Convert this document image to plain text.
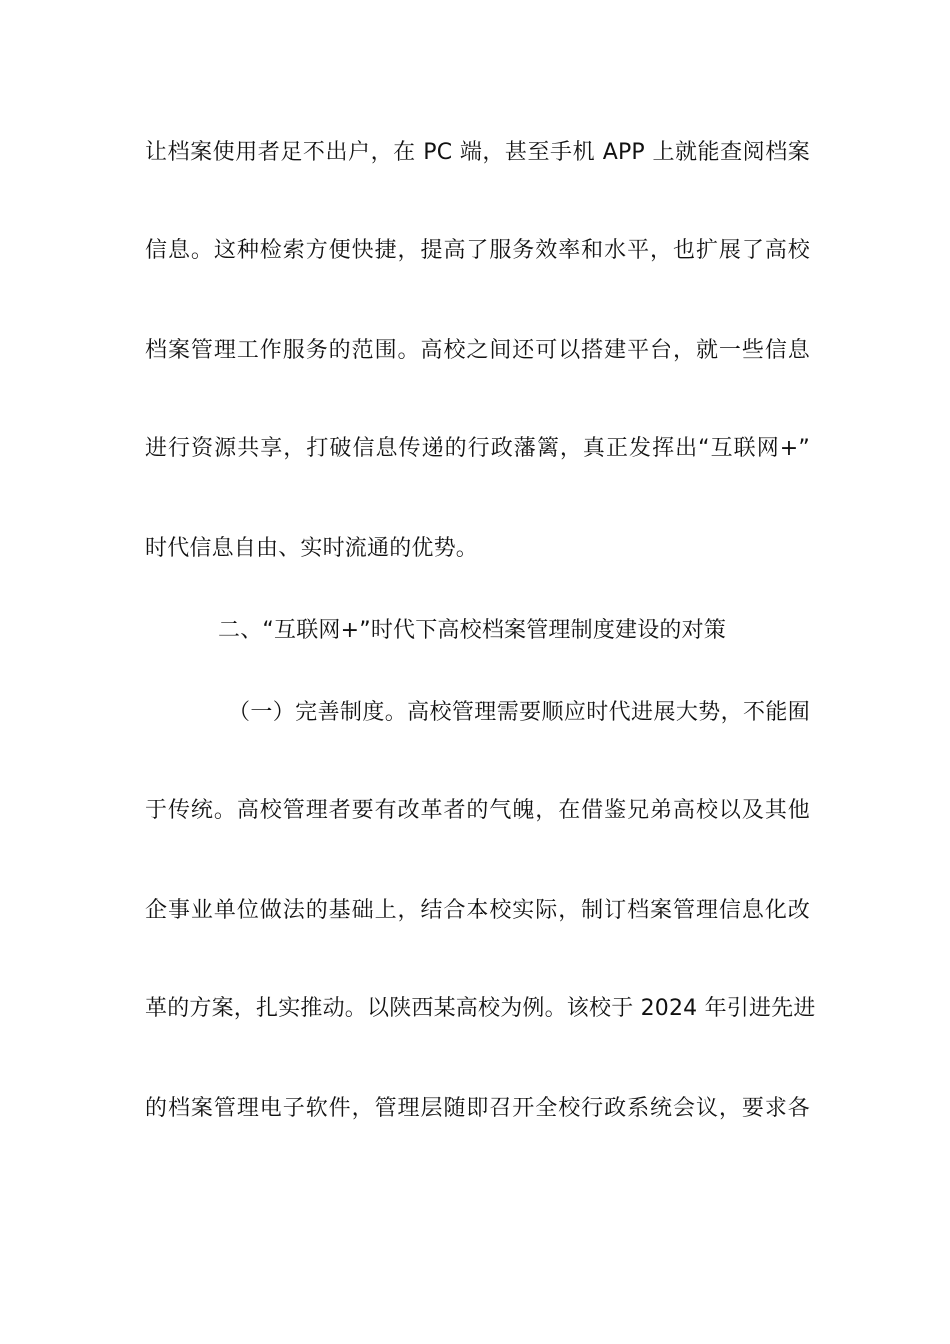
让档案使用者足不出户，在 PC 端，甚至手机 APP 上就能查阅档案
信息。这种检索方便快捷，提高了服务效率和水平，也扩展了高校
档案管理工作服务的范围。高校之间还可以搭建平台，就一些信息
进行资源共享，打破信息传递的行政藩篱，真正发挥出“互联网+”
时代信息自由、实时流通的优势。
二、“互联网+”时代下高校档案管理制度建设的对策
（一）完善制度。高校管理需要顺应时代进展大势，不能囿
于传统。高校管理者要有改革者的气魄，在借鉴兄弟高校以及其他
企事业单位做法的基础上，结合本校实际，制订档案管理信息化改
革的方案，扎实推动。以陕西某高校为例。该校于 2024 年引进先进
的档案管理电子软件，管理层随即召开全校行政系统会议，要求各
